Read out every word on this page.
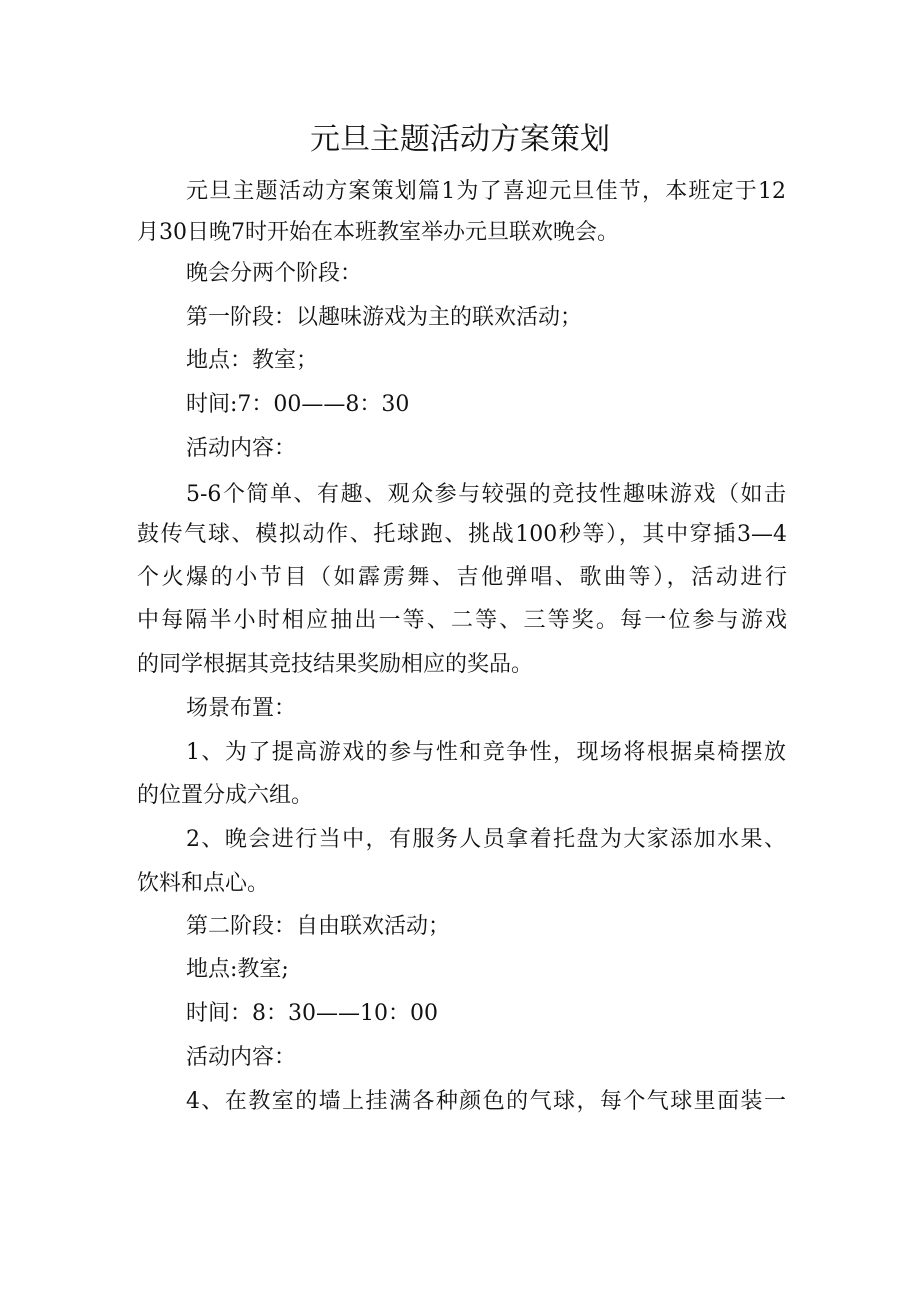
元旦主题活动方案策划

元旦主题活动方案策划篇1为了喜迎元旦佳节，本班定于12

月30日晚7时开始在本班教室举办元旦联欢晚会。

晚会分两个阶段：

第一阶段：以趣味游戏为主的联欢活动；

地点：教室；

时间:7：00——8：30

活动内容：

5-6个简单、有趣、观众参与较强的竞技性趣味游戏（如击

鼓传气球、模拟动作、托球跑、挑战100秒等），其中穿插3—4

个火爆的小节目（如霹雳舞、吉他弹唱、歌曲等），活动进行

中每隔半小时相应抽出一等、二等、三等奖。每一位参与游戏

的同学根据其竞技结果奖励相应的奖品。

场景布置：

1、为了提高游戏的参与性和竞争性，现场将根据桌椅摆放

的位置分成六组。

2、晚会进行当中，有服务人员拿着托盘为大家添加水果、

饮料和点心。

第二阶段：自由联欢活动；

地点:教室;

时间：8：30——10：00

活动内容：

4、在教室的墙上挂满各种颜色的气球，每个气球里面装一
